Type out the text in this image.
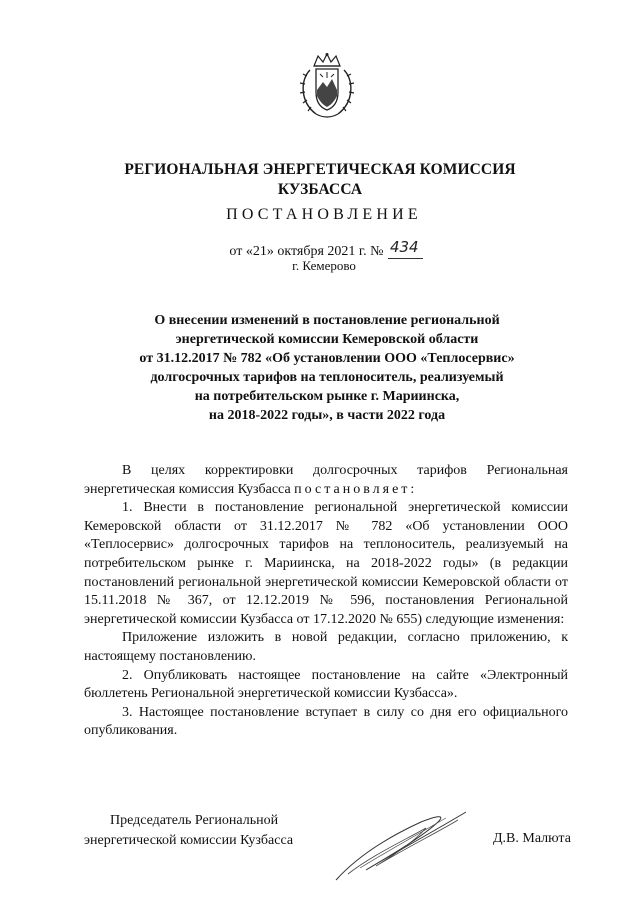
РЕГИОНАЛЬНАЯ ЭНЕРГЕТИЧЕСКАЯ КОМИССИЯ
КУЗБАССА
ПОСТАНОВЛЕНИЕ
от «21» октября 2021 г. № 434
г. Кемерово
О внесении изменений в постановление региональной
энергетической комиссии Кемеровской области
от 31.12.2017 № 782 «Об установлении ООО «Теплосервис»
долгосрочных тарифов на теплоноситель, реализуемый
на потребительском рынке г. Мариинска,
на 2018-2022 годы», в части 2022 года

В целях корректировки долгосрочных тарифов Региональная энергетическая комиссия Кузбасса постановляет:

1. Внести в постановление региональной энергетической комиссии Кемеровской области от 31.12.2017 № 782 «Об установлении ООО «Теплосервис» долгосрочных тарифов на теплоноситель, реализуемый на потребительском рынке г. Мариинска, на 2018-2022 годы» (в редакции постановлений региональной энергетической комиссии Кемеровской области от 15.11.2018 № 367, от 12.12.2019 № 596, постановления Региональной энергетической комиссии Кузбасса от 17.12.2020 № 655) следующие изменения:

Приложение изложить в новой редакции, согласно приложению, к настоящему постановлению.

2. Опубликовать настоящее постановление на сайте «Электронный бюллетень Региональной энергетической комиссии Кузбасса».

3. Настоящее постановление вступает в силу со дня его официального опубликования.

Председатель Региональной
энергетической комиссии Кузбасса	Д.В. Малюта
